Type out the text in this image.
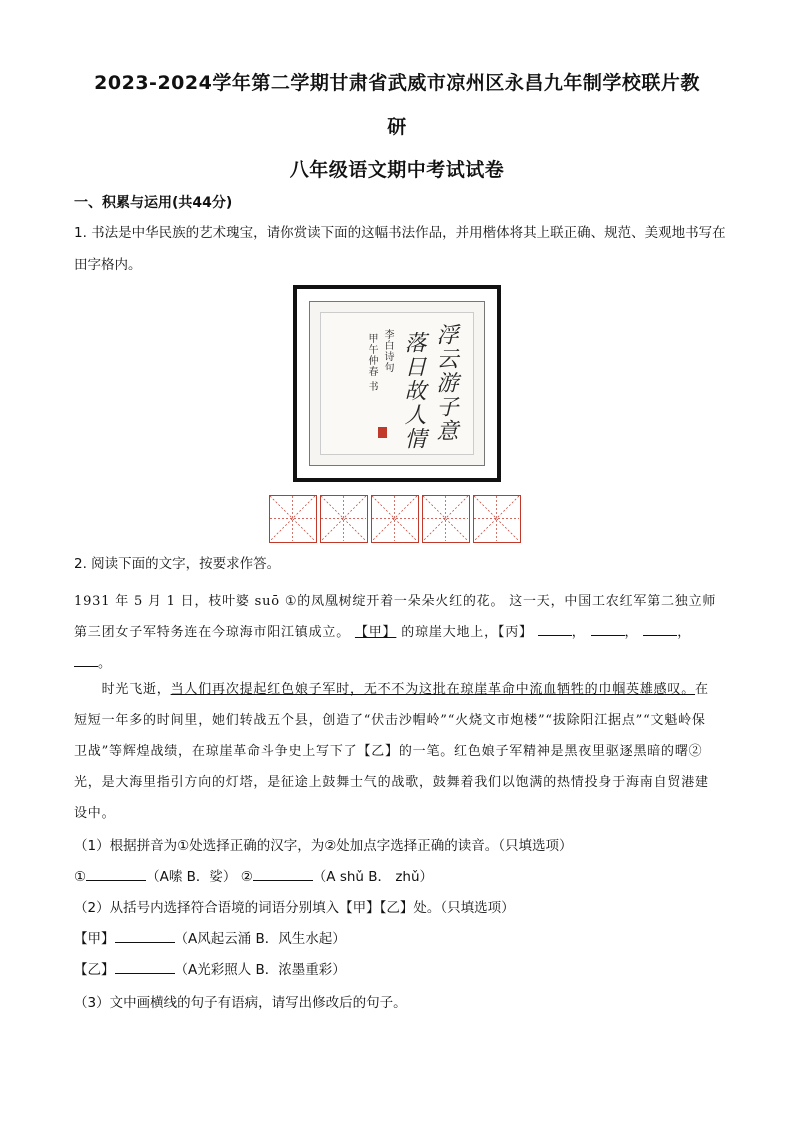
2023-2024学年第二学期甘肃省武威市凉州区永昌九年制学校联片教
研
八年级语文期中考试试卷
一、积累与运用(共44分)
1. 书法是中华民族的艺术瑰宝，请你赏读下面的这幅书法作品，并用楷体将其上联正确、规范、美观地书写在田字格内。
浮云游子意
落日故人情
李白诗句
甲午仲春 书
2. 阅读下面的文字，按要求作答。
1931 年 5 月 1 日，枝叶婆 suō ①的凤凰树绽开着一朵朵火红的花。 这一天，中国工农红军第二独立师第三团女子军特务连在今琼海市阳江镇成立。 【甲】 的琼崖大地上，【丙】	，	，	， 。
  时光飞逝，当人们再次提起红色娘子军时，无不不为这批在琼崖革命中流血牺牲的巾帼英雄感叹。在短短一年多的时间里，她们转战五个县，创造了“伏击沙帽岭”“火烧文市炮楼”“拔除阳江据点”“文魁岭保卫战”等辉煌战绩，在琼崖革命斗争史上写下了【乙】的一笔。红色娘子军精神是黑夜里驱逐黑暗的曙②光，是大海里指引方向的灯塔，是征途上鼓舞士气的战歌，鼓舞着我们以饱满的热情投身于海南自贸港建设中。
（1）根据拼音为①处选择正确的汉字，为②处加点字选择正确的读音。（只填选项）
①	（A嗦 B．娑） ②	（A shǔ B． zhǔ）
（2）从括号内选择符合语境的词语分别填入【甲】【乙】处。（只填选项）
【甲】	（A风起云涌 B．风生水起）
【乙】	（A光彩照人 B．浓墨重彩）
（3）文中画横线的句子有语病，请写出修改后的句子。
